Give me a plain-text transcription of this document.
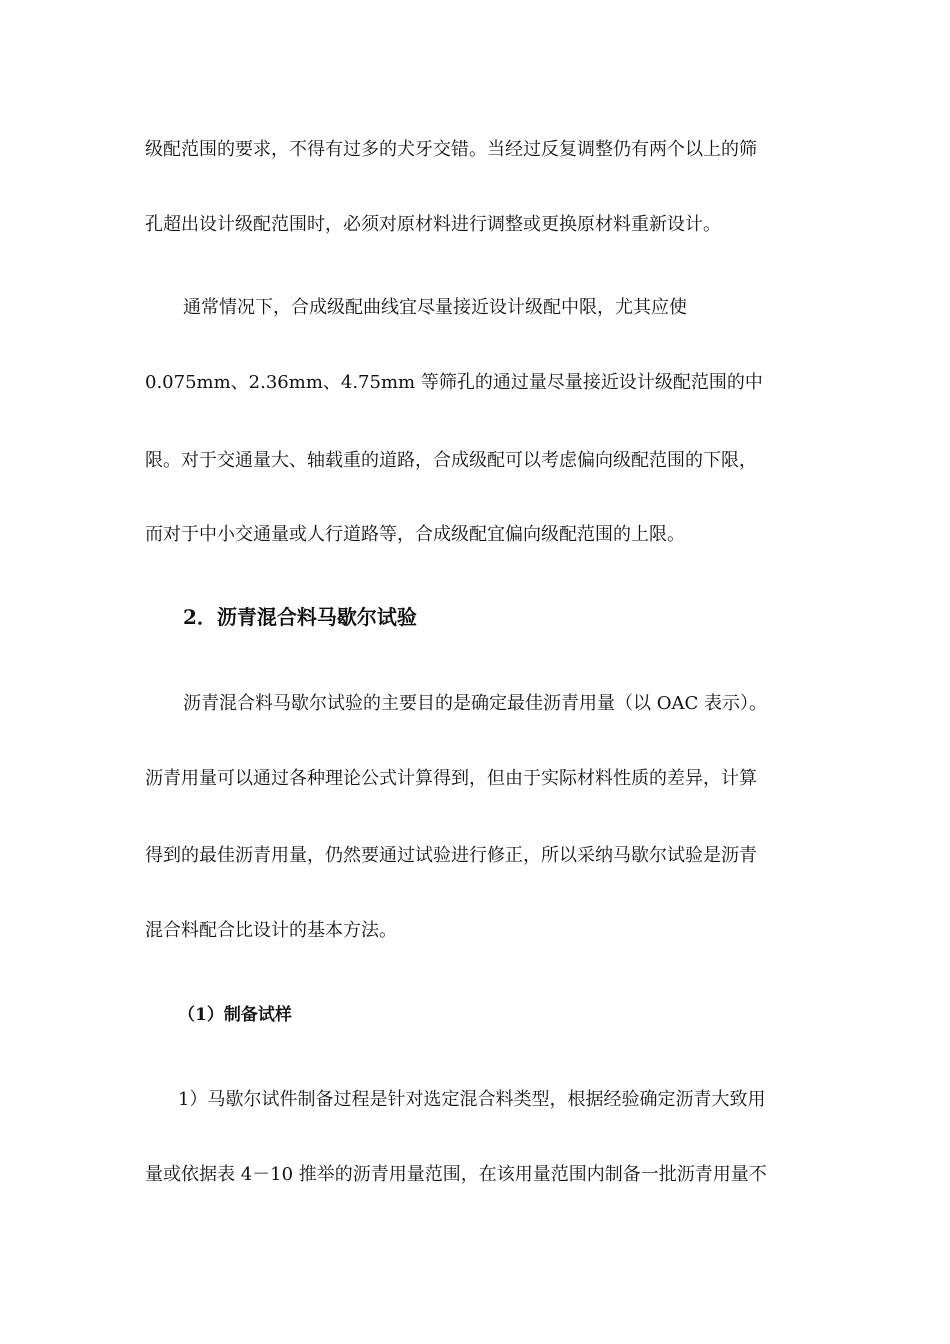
级配范围的要求，不得有过多的犬牙交错。当经过反复调整仍有两个以上的筛
孔超出设计级配范围时，必须对原材料进行调整或更换原材料重新设计。
通常情况下，合成级配曲线宜尽量接近设计级配中限，尤其应使
0.075mm、2.36mm、4.75mm 等筛孔的通过量尽量接近设计级配范围的中
限。对于交通量大、轴载重的道路，合成级配可以考虑偏向级配范围的下限，
而对于中小交通量或人行道路等，合成级配宜偏向级配范围的上限。
2．沥青混合料马歇尔试验
沥青混合料马歇尔试验的主要目的是确定最佳沥青用量（以 OAC 表示）。
沥青用量可以通过各种理论公式计算得到，但由于实际材料性质的差异，计算
得到的最佳沥青用量，仍然要通过试验进行修正，所以采纳马歇尔试验是沥青
混合料配合比设计的基本方法。
（1）制备试样
1）马歇尔试件制备过程是针对选定混合料类型，根据经验确定沥青大致用
量或依据表 4－10 推举的沥青用量范围，在该用量范围内制备一批沥青用量不
